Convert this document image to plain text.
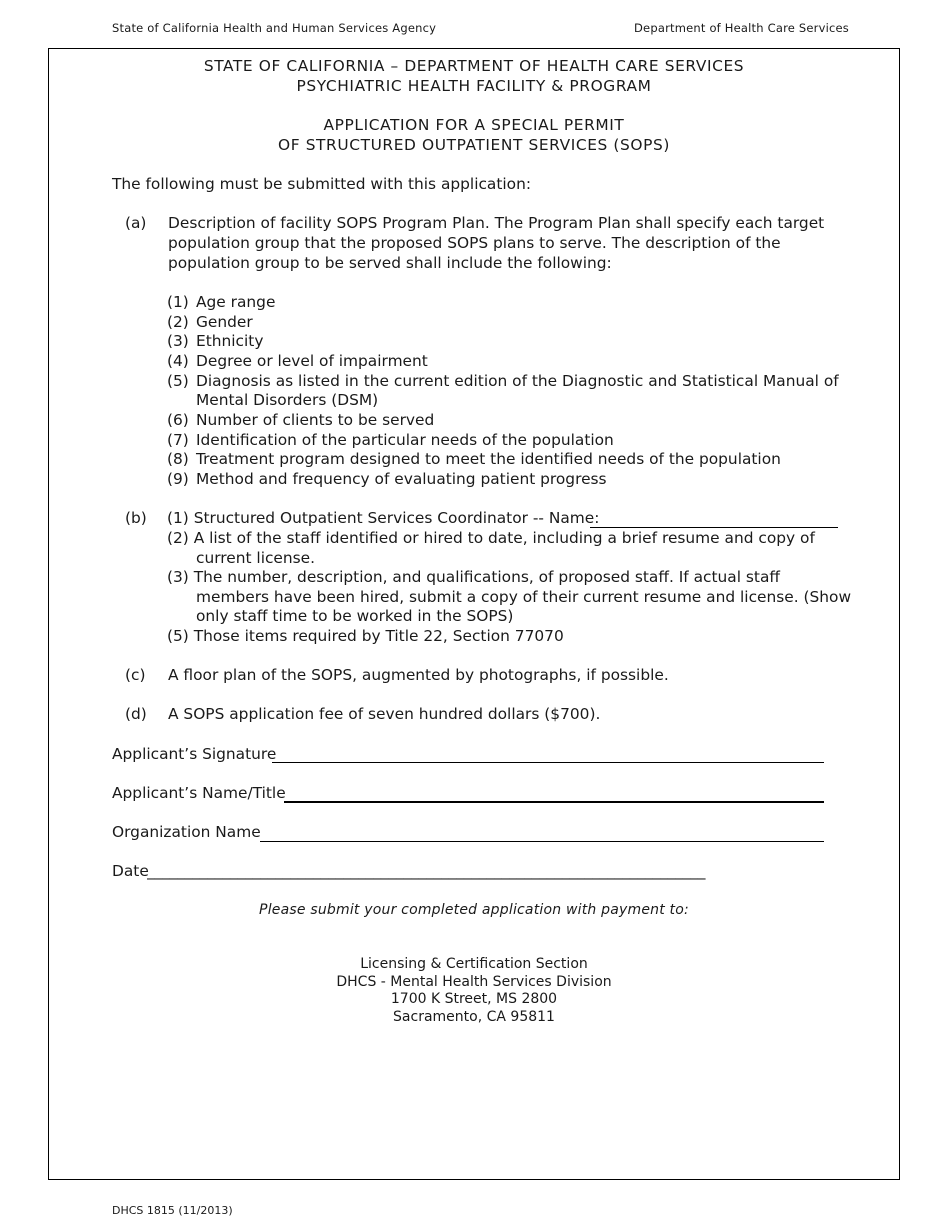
State of California Health and Human Services Agency	Department of Health Care Services
STATE OF CALIFORNIA – DEPARTMENT OF HEALTH CARE SERVICES
PSYCHIATRIC HEALTH FACILITY & PROGRAM
APPLICATION FOR A SPECIAL PERMIT
OF STRUCTURED OUTPATIENT SERVICES (SOPS)
The following must be submitted with this application:
(a) Description of facility SOPS Program Plan. The Program Plan shall specify each target
population group that the proposed SOPS plans to serve. The description of the
population group to be served shall include the following:
(1) Age range
(2) Gender
(3) Ethnicity
(4) Degree or level of impairment
(5) Diagnosis as listed in the current edition of the Diagnostic and Statistical Manual of
Mental Disorders (DSM)
(6) Number of clients to be served
(7) Identification of the particular needs of the population
(8) Treatment program designed to meet the identified needs of the population
(9) Method and frequency of evaluating patient progress
(b) (1) Structured Outpatient Services Coordinator -- Name:
(2) A list of the staff identified or hired to date, including a brief resume and copy of
current license.
(3) The number, description, and qualifications, of proposed staff. If actual staff
members have been hired, submit a copy of their current resume and license. (Show
only staff time to be worked in the SOPS)
(5) Those items required by Title 22, Section 77070
(c) A floor plan of the SOPS, augmented by photographs, if possible.
(d) A SOPS application fee of seven hundred dollars ($700).
Applicant’s Signature
Applicant’s Name/Title
Organization Name
Date
__________________________________________________________________________
Please submit your completed application with payment to:
Licensing & Certification Section
DHCS - Mental Health Services Division
1700 K Street, MS 2800
Sacramento, CA 95811
DHCS 1815 (11/2013)
